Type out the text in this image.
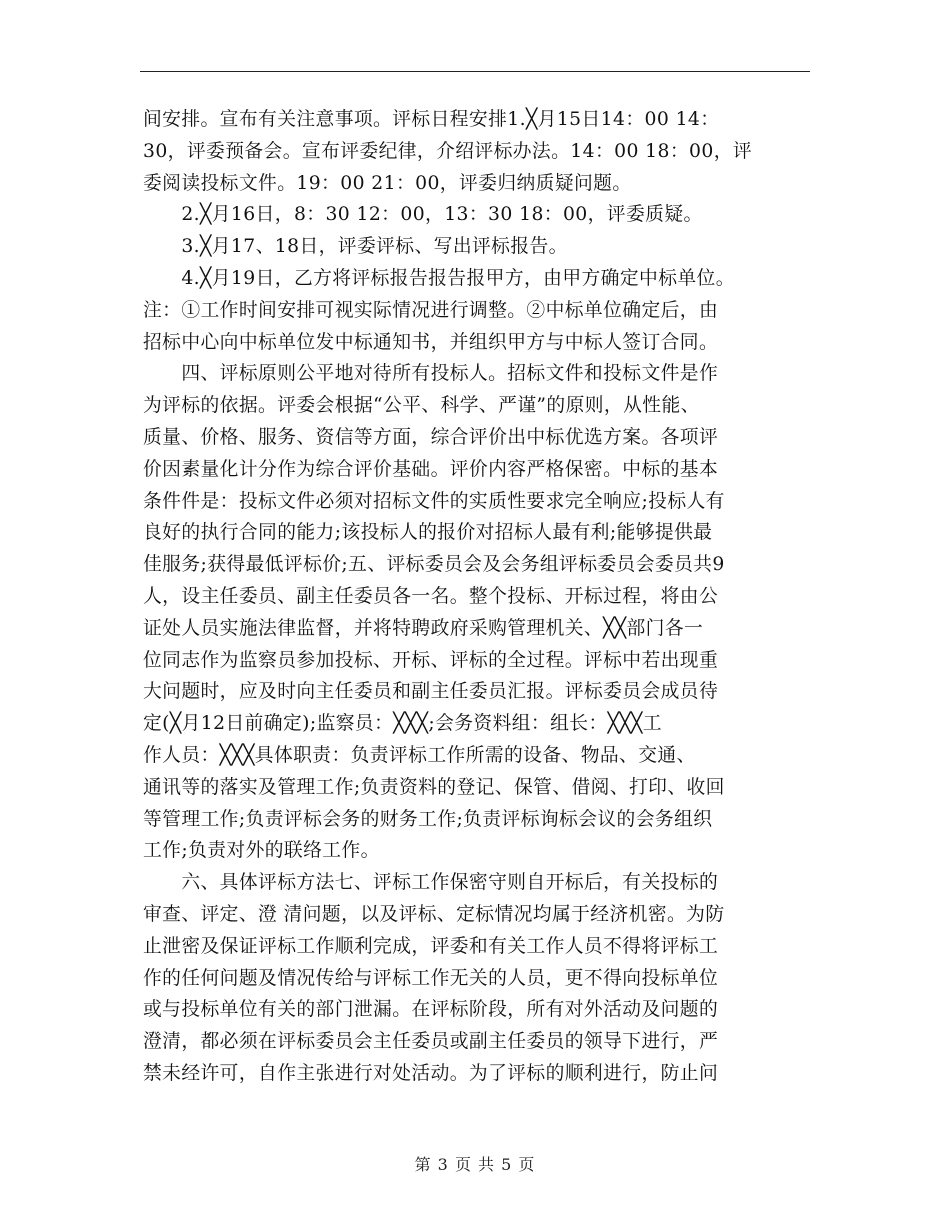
间安排。宣布有关注意事项。评标日程安排1.╳月15日14：00 14：
30，评委预备会。宣布评委纪律，介绍评标办法。14：00 18：00，评
委阅读投标文件。19：00 21：00，评委归纳质疑问题。
　　2.╳月16日，8：30 12：00，13：30 18：00，评委质疑。
　　3.╳月17、18日，评委评标、写出评标报告。
　　4.╳月19日，乙方将评标报告报告报甲方，由甲方确定中标单位。
注：①工作时间安排可视实际情况进行调整。②中标单位确定后，由
招标中心向中标单位发中标通知书，并组织甲方与中标人签订合同。
　　四、评标原则公平地对待所有投标人。招标文件和投标文件是作
为评标的依据。评委会根据“公平、科学、严谨”的原则，从性能、
质量、价格、服务、资信等方面，综合评价出中标优选方案。各项评
价因素量化计分作为综合评价基础。评价内容严格保密。中标的基本
条件件是：投标文件必须对招标文件的实质性要求完全响应;投标人有
良好的执行合同的能力;该投标人的报价对招标人最有利;能够提供最
佳服务;获得最低评标价;五、评标委员会及会务组评标委员会委员共9
人，设主任委员、副主任委员各一名。整个投标、开标过程，将由公
证处人员实施法律监督，并将特聘政府采购管理机关、╳╳部门各一
位同志作为监察员参加投标、开标、评标的全过程。评标中若出现重
大问题时，应及时向主任委员和副主任委员汇报。评标委员会成员待
定(╳月12日前确定);监察员：╳╳╳;会务资料组：组长：╳╳╳工
作人员：╳╳╳具体职责：负责评标工作所需的设备、物品、交通、
通讯等的落实及管理工作;负责资料的登记、保管、借阅、打印、收回
等管理工作;负责评标会务的财务工作;负责评标询标会议的会务组织
工作;负责对外的联络工作。
　　六、具体评标方法七、评标工作保密守则自开标后，有关投标的
审查、评定、澄 清问题，以及评标、定标情况均属于经济机密。为防
止泄密及保证评标工作顺利完成，评委和有关工作人员不得将评标工
作的任何问题及情况传给与评标工作无关的人员，更不得向投标单位
或与投标单位有关的部门泄漏。在评标阶段，所有对外活动及问题的
澄清，都必须在评标委员会主任委员或副主任委员的领导下进行，严
禁未经许可，自作主张进行对处活动。为了评标的顺利进行，防止问
第 3 页 共 5 页
